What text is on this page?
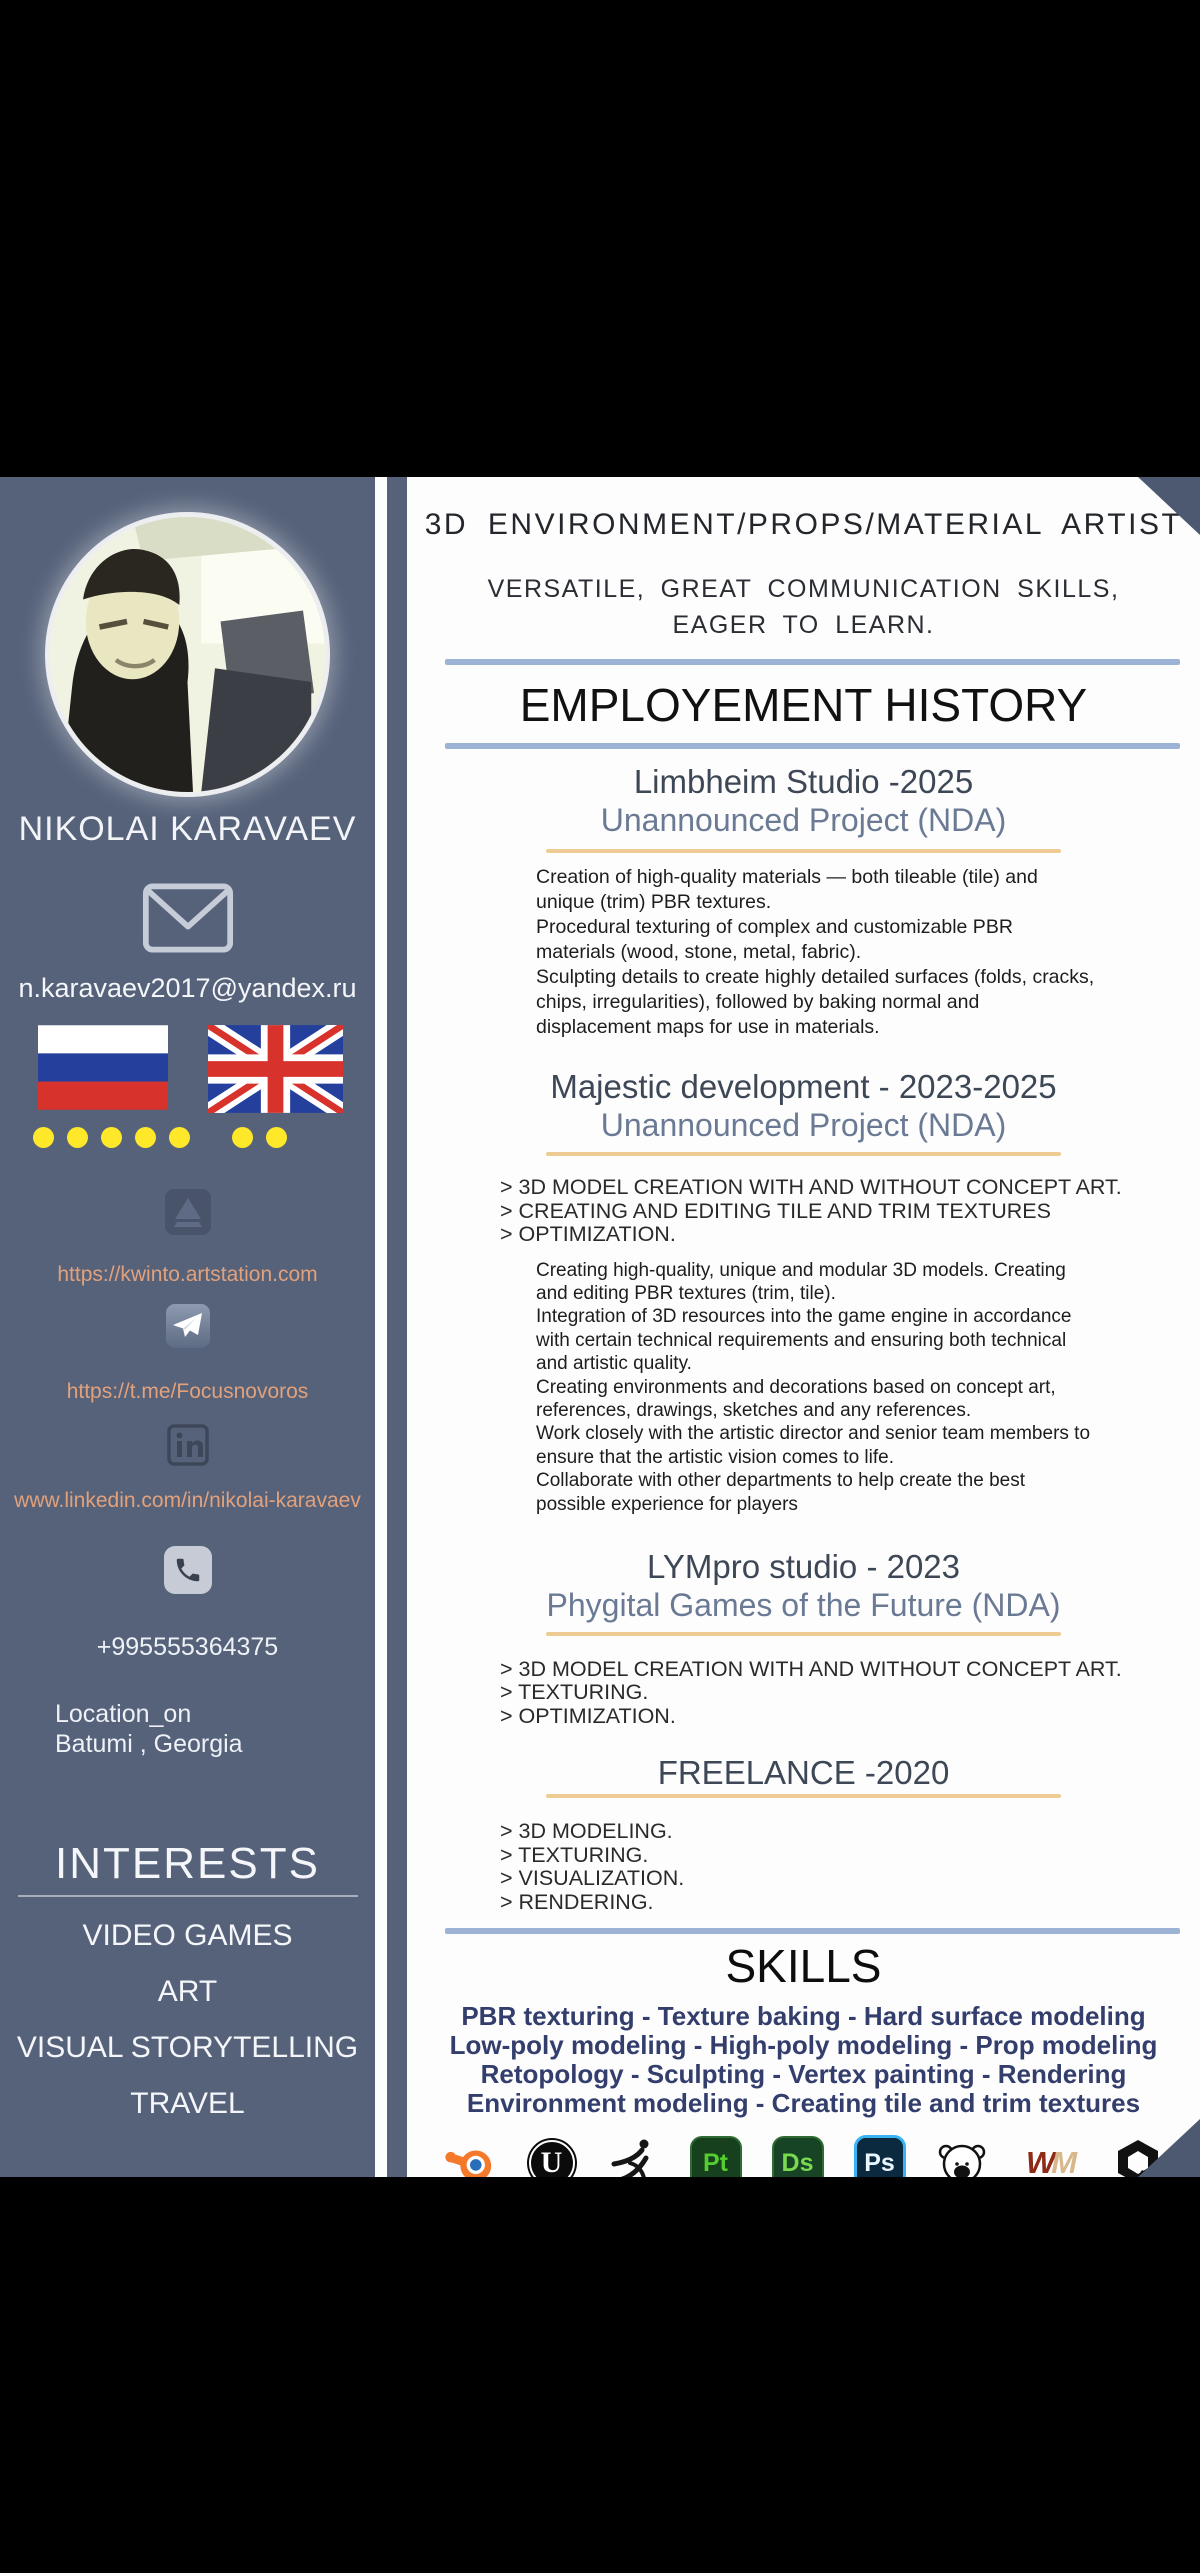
NIKOLAI KARAVAEV
n.karavaev2017@yandex.ru

https://kwinto.artstation.com
https://t.me/Focusnovoros
www.linkedin.com/in/nikolai-karavaev
+995555364375
Location_on
Batumi , Georgia
INTERESTS
VIDEO GAMES
ART
VISUAL STORYTELLING
TRAVEL
3D ENVIRONMENT/PROPS/MATERIAL ARTIST
VERSATILE, GREAT COMMUNICATION SKILLS, EAGER TO LEARN.
EMPLOYEMENT HISTORY
Limbheim Studio -2025
Unannounced Project (NDA)
Creation of high-quality materials — both tileable (tile) and unique (trim) PBR textures.
Procedural texturing of complex and customizable PBR materials (wood, stone, metal, fabric).
Sculpting details to create highly detailed surfaces (folds, cracks, chips, irregularities), followed by baking normal and displacement maps for use in materials.
Majestic development - 2023-2025
Unannounced Project (NDA)
> 3D MODEL CREATION WITH AND WITHOUT CONCEPT ART.
> CREATING AND EDITING TILE AND TRIM TEXTURES
> OPTIMIZATION.
Creating high-quality, unique and modular 3D models. Creating and editing PBR textures (trim, tile).
Integration of 3D resources into the game engine in accordance with certain technical requirements and ensuring both technical and artistic quality.
Creating environments and decorations based on concept art, references, drawings, sketches and any references.
Work closely with the artistic director and senior team members to ensure that the artistic vision comes to life.
Collaborate with other departments to help create the best possible experience for players
LYMpro studio - 2023
Phygital Games of the Future (NDA)
> 3D MODEL CREATION WITH AND WITHOUT CONCEPT ART.
> TEXTURING.
> OPTIMIZATION.
FREELANCE -2020
> 3D MODELING.
> TEXTURING.
> VISUALIZATION.
> RENDERING.
SKILLS
PBR texturing - Texture baking - Hard surface modeling
Low-poly modeling - High-poly modeling - Prop modeling
Retopology - Sculpting - Vertex painting - Rendering
Environment modeling - Creating tile and trim textures
U	Pt Ds Ps	WM
